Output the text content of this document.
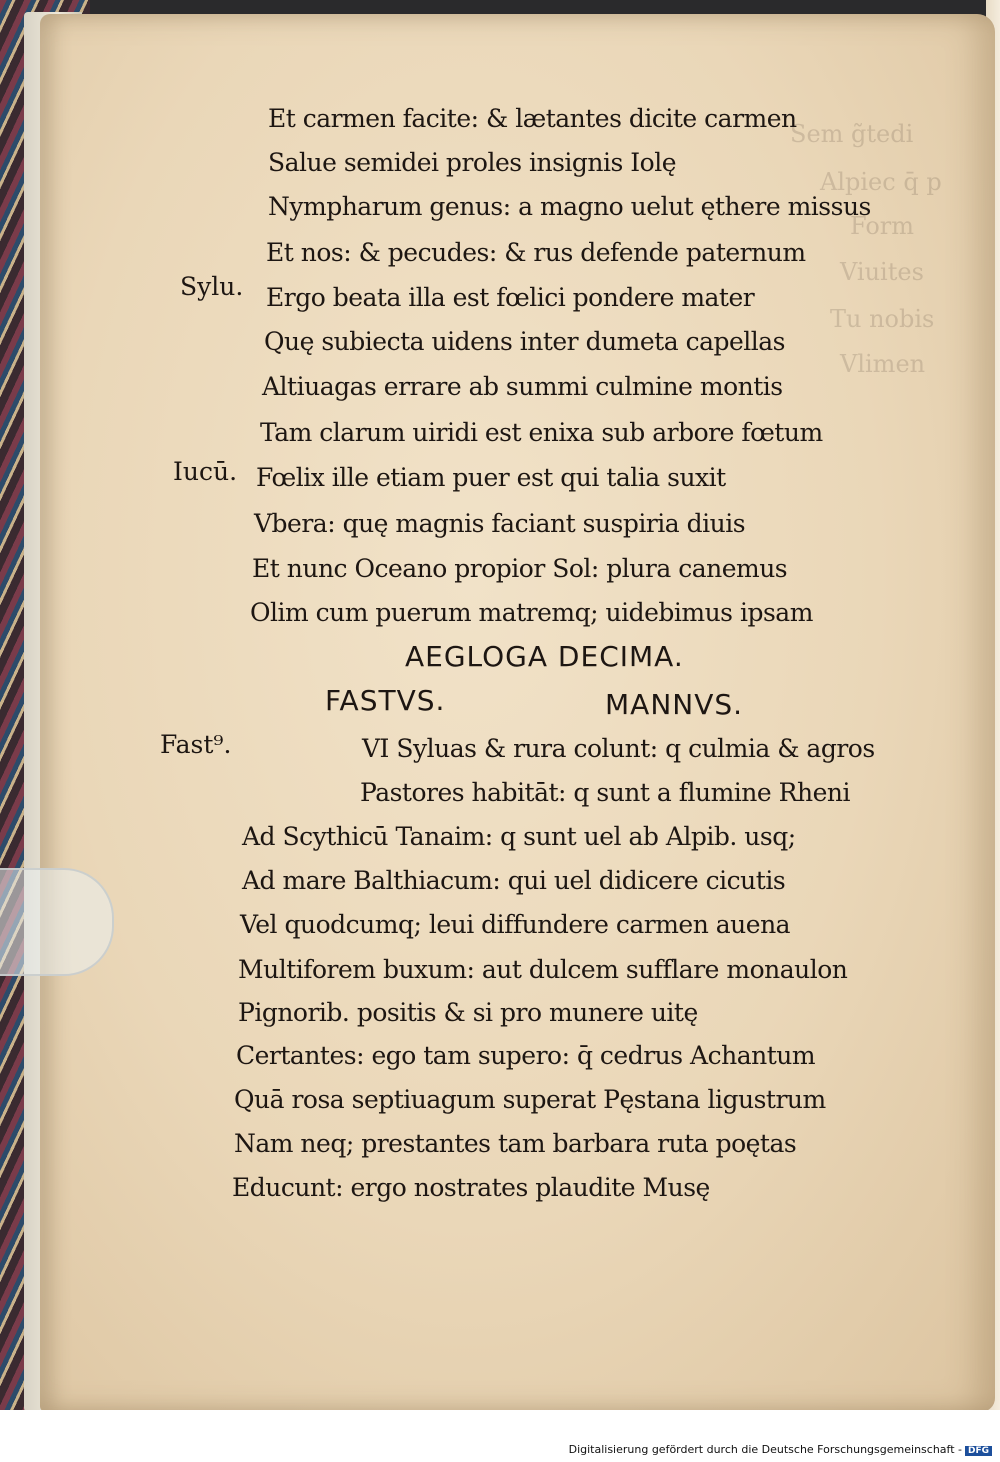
Sem g̃tedi
Alpiec q̄ p
Form
Viuites
Tu nobis
Vlimen
Sylu.
Iucū.
Fast⁹.
Et carmen facite: & lætantes dicite carmen
Salue semidei proles insignis Iolę
Nympharum genus: a magno uelut ęthere missus
Et nos: & pecudes: & rus defende paternum
Ergo beata illa est fœlici pondere mater
Quę subiecta uidens inter dumeta capellas
Altiuagas errare ab summi culmine montis
Tam clarum uiridi est enixa sub arbore fœtum
Fœlix ille etiam puer est qui talia suxit
Vbera: quę magnis faciant suspiria diuis
Et nunc Oceano propior Sol: plura canemus
Olim cum puerum matremq; uidebimus ipsam
AEGLOGA DECIMA.
FASTVS.	MANNVS.
VI Syluas & rura colunt: q culmia & agros
Pastores habitāt: q sunt a flumine Rheni
Ad Scythicū Tanaim: q sunt uel ab Alpib. usq;
Ad mare Balthiacum: qui uel didicere cicutis
Vel quodcumq; leui diffundere carmen auena
Multiforem buxum: aut dulcem sufflare monaulon
Pignorib. positis & si pro munere uitę
Certantes: ego tam supero: q̄ cedrus Achantum
Quā rosa septiuagum superat Pęstana ligustrum
Nam neq; prestantes tam barbara ruta poętas
Educunt: ergo nostrates plaudite Musę
Digitalisierung gefördert durch die Deutsche Forschungsgemeinschaft - DFG
